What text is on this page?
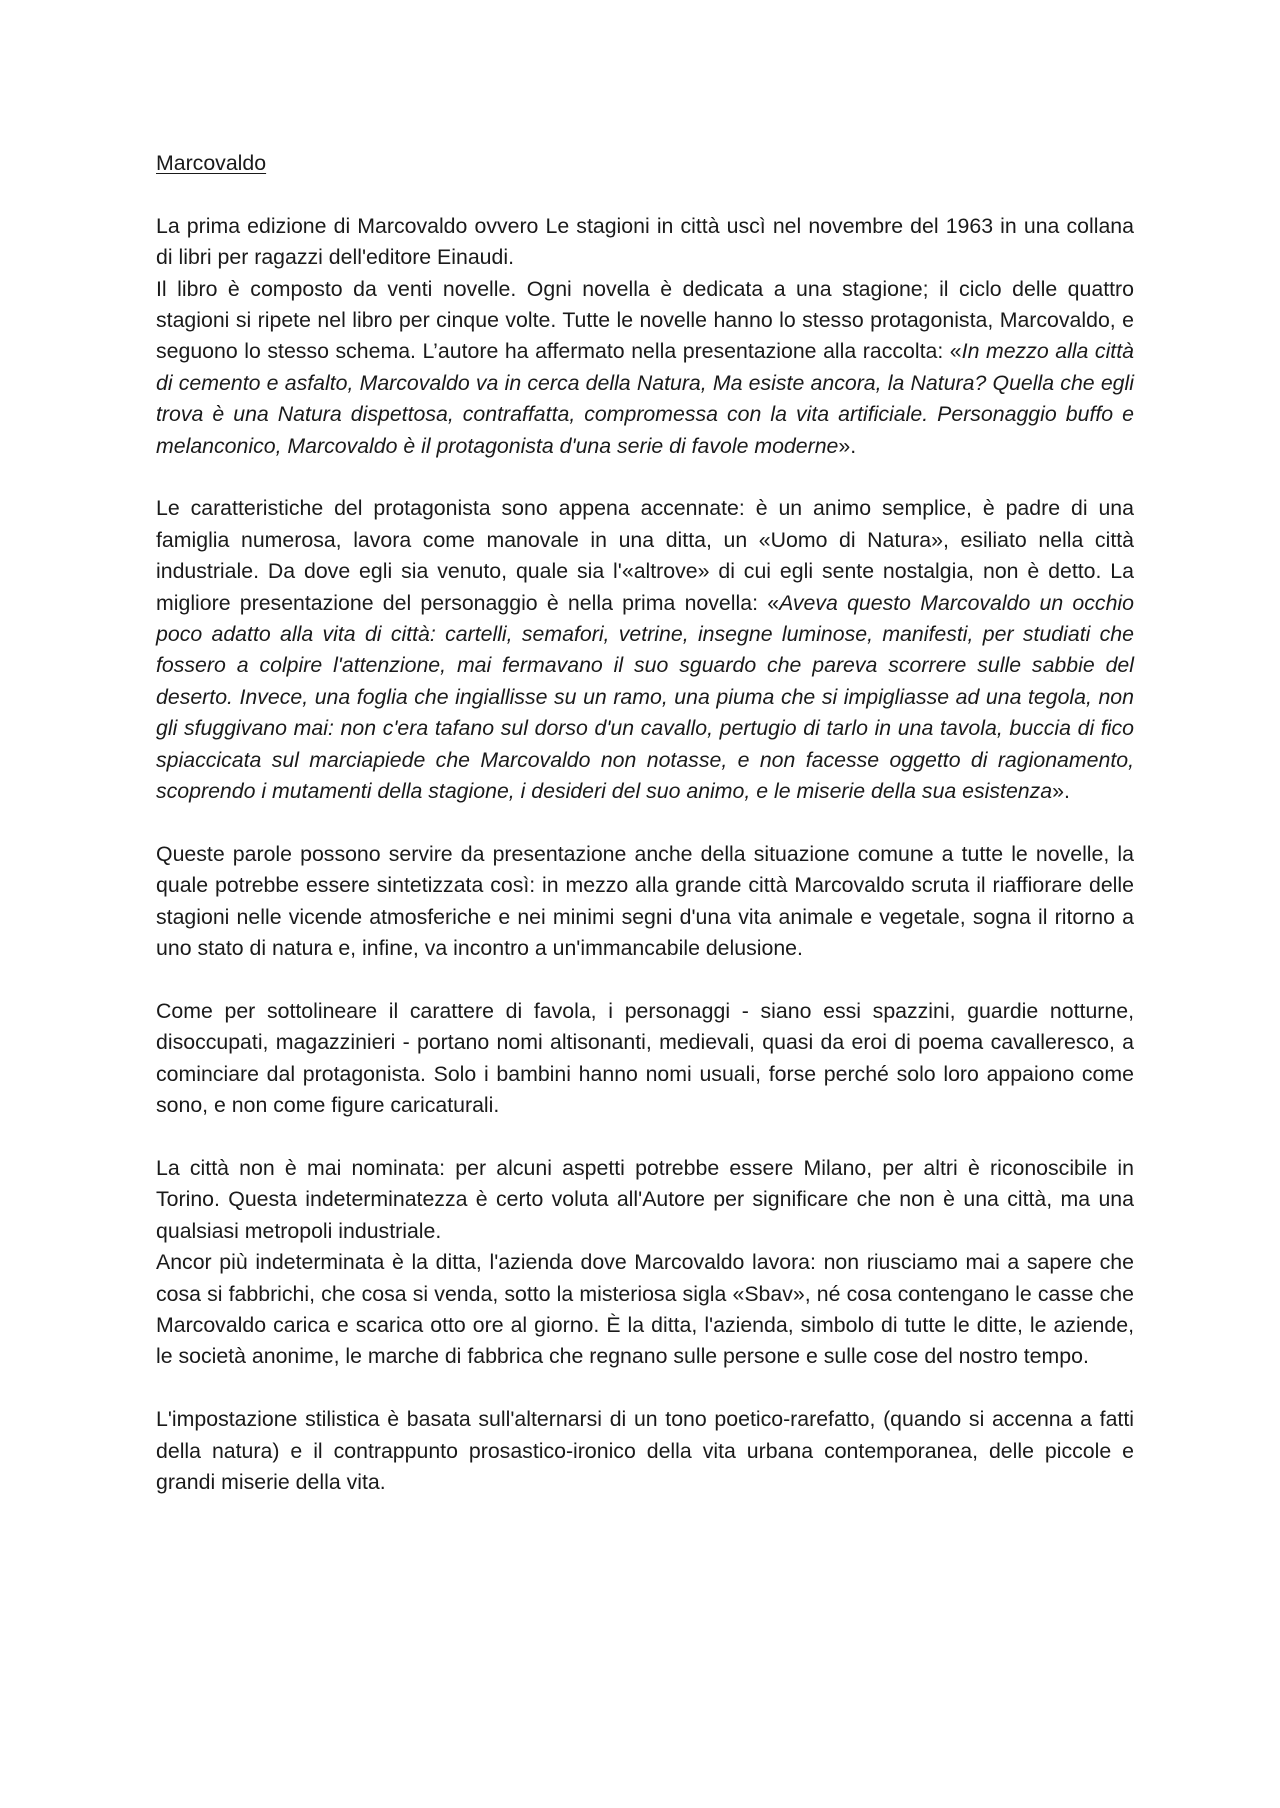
Marcovaldo

La prima edizione di Marcovaldo ovvero Le stagioni in città uscì nel novembre del 1963 in una collana di libri per ragazzi dell'editore Einaudi.

Il libro è composto da venti novelle. Ogni novella è dedicata a una stagione; il ciclo delle quattro stagioni si ripete nel libro per cinque volte. Tutte le novelle hanno lo stesso protagonista, Marcovaldo, e seguono lo stesso schema. L’autore ha affermato nella presentazione alla raccolta: «In mezzo alla città di cemento e asfalto, Marcovaldo va in cerca della Natura, Ma esiste ancora, la Natura? Quella che egli trova è una Natura dispettosa, contraffatta, compromessa con la vita artificiale. Personaggio buffo e melanconico, Marcovaldo è il protagonista d'una serie di favole moderne».

Le caratteristiche del protagonista sono appena accennate: è un animo semplice, è padre di una famiglia numerosa, lavora come manovale in una ditta, un «Uomo di Natura», esiliato nella città industriale. Da dove egli sia venuto, quale sia l'«altrove» di cui egli sente nostalgia, non è detto. La migliore presentazione del personaggio è nella prima novella: «Aveva questo Marcovaldo un occhio poco adatto alla vita di città: cartelli, semafori, vetrine, insegne luminose, manifesti, per studiati che fossero a colpire l'attenzione, mai fermavano il suo sguardo che pareva scorrere sulle sabbie del deserto. Invece, una foglia che ingiallisse su un ramo, una piuma che si impigliasse ad una tegola, non gli sfuggivano mai: non c'era tafano sul dorso d'un cavallo, pertugio di tarlo in una tavola, buccia di fico spiaccicata sul marciapiede che Marcovaldo non notasse, e non facesse oggetto di ragionamento, scoprendo i mutamenti della stagione, i desideri del suo animo, e le miserie della sua esistenza».

Queste parole possono servire da presentazione anche della situazione comune a tutte le novelle, la quale potrebbe essere sintetizzata così: in mezzo alla grande città Marcovaldo scruta il riaffiorare delle stagioni nelle vicende atmosferiche e nei minimi segni d'una vita animale e vegetale, sogna il ritorno a uno stato di natura e, infine, va incontro a un'immancabile delusione.

Come per sottolineare il carattere di favola, i personaggi - siano essi spazzini, guardie notturne, disoccupati, magazzinieri - portano nomi altisonanti, medievali, quasi da eroi di poema cavalleresco, a cominciare dal protagonista. Solo i bambini hanno nomi usuali, forse perché solo loro appaiono come sono, e non come figure caricaturali.

La città non è mai nominata: per alcuni aspetti potrebbe essere Milano, per altri è riconoscibile in Torino. Questa indeterminatezza è certo voluta all'Autore per significare che non è una città, ma una qualsiasi metropoli industriale.

Ancor più indeterminata è la ditta, l'azienda dove Marcovaldo lavora: non riusciamo mai a sapere che cosa si fabbrichi, che cosa si venda, sotto la misteriosa sigla «Sbav», né cosa contengano le casse che Marcovaldo carica e scarica otto ore al giorno. È la ditta, l'azienda, simbolo di tutte le ditte, le aziende, le società anonime, le marche di fabbrica che regnano sulle persone e sulle cose del nostro tempo.

L'impostazione stilistica è basata sull'alternarsi di un tono poetico-rarefatto, (quando si accenna a fatti della natura) e il contrappunto prosastico-ironico della vita urbana contemporanea, delle piccole e grandi miserie della vita.
